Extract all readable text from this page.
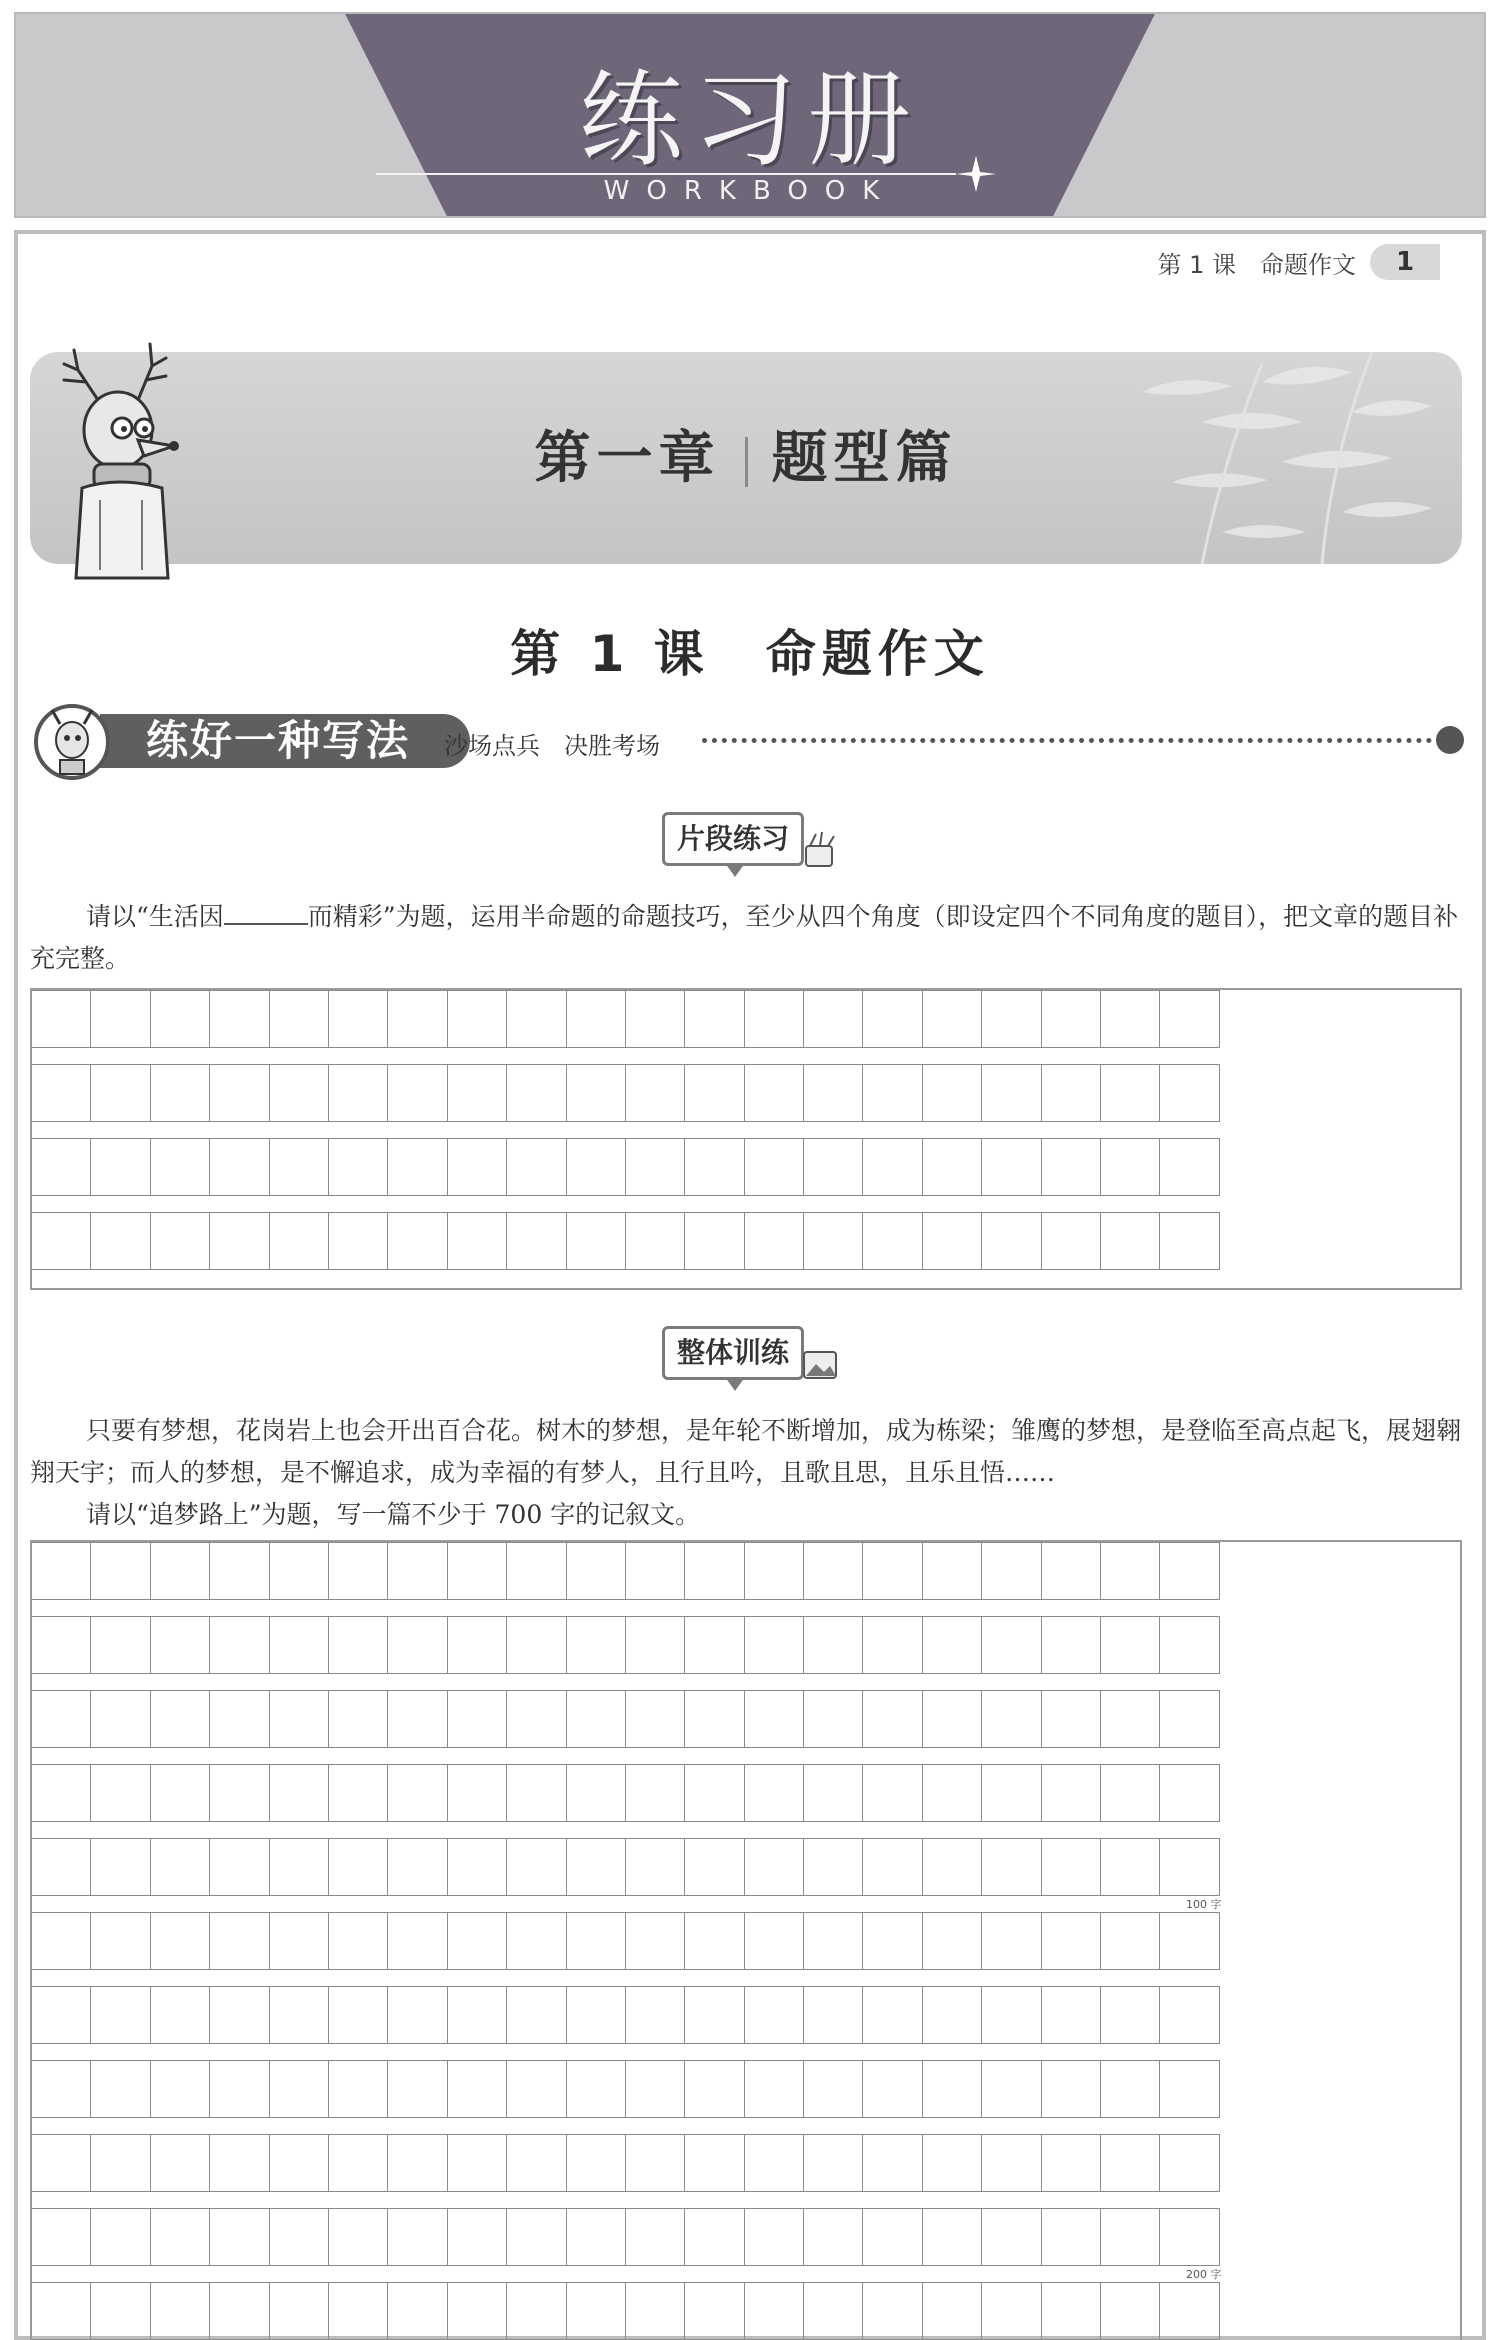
练习册
WORKBOOK
第 1 课 命题作文	1
第一章 题型篇
第 1 课　命题作文
练好一种写法	沙场点兵　决胜考场
片段练习
请以“生活因	而精彩”为题，运用半命题的命题技巧，至少从四个角度（即设定四个不同角度的题目），把文章的题目补充完整。
整体训练
只要有梦想，花岗岩上也会开出百合花。树木的梦想，是年轮不断增加，成为栋梁；雏鹰的梦想，是登临至高点起飞，展翅翱翔天宇；而人的梦想，是不懈追求，成为幸福的有梦人，且行且吟，且歌且思，且乐且悟……
请以“追梦路上”为题，写一篇不少于 700 字的记叙文。
100 字
200 字
